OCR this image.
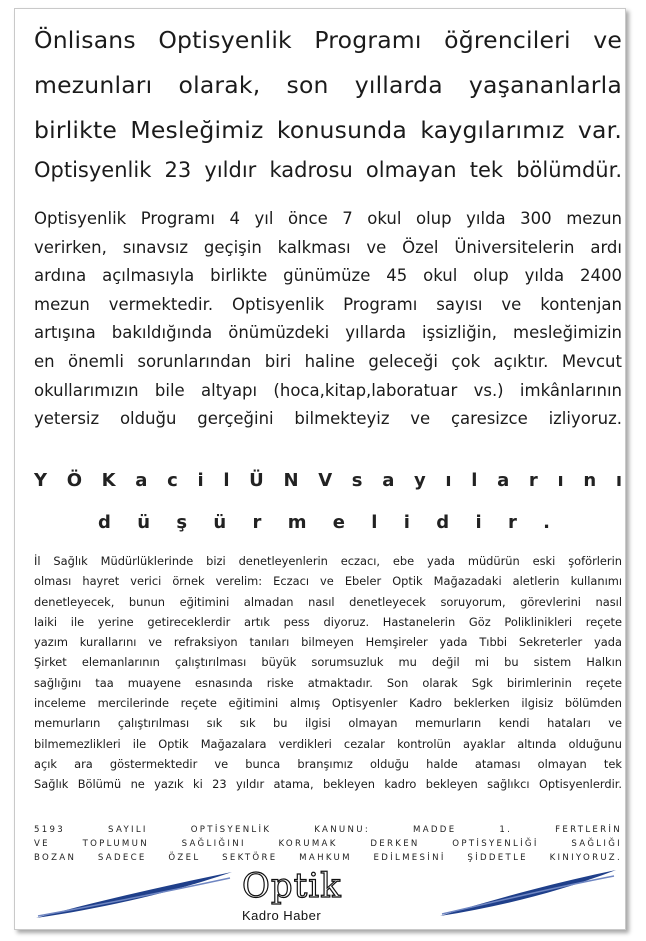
Önlisans Optisyenlik Programı öğrencileri ve
mezunları olarak, son yıllarda yaşananlarla
birlikte Mesleğimiz konusunda kaygılarımız var.

Optisyenlik 23 yıldır kadrosu olmayan tek bölümdür.

Optisyenlik Programı 4 yıl önce 7 okul olup yılda 300 mezun
verirken, sınavsız geçişin kalkması ve Özel Üniversitelerin ardı
ardına açılmasıyla birlikte günümüze 45 okul olup yılda 2400
mezun vermektedir. Optisyenlik Programı sayısı ve kontenjan
artışına bakıldığında önümüzdeki yıllarda işsizliğin, mesleğimizin
en önemli sorunlarından biri haline geleceği çok açıktır. Mevcut
okullarımızın bile altyapı (hoca,kitap,laboratuar vs.) imkânlarının
yetersiz olduğu gerçeğini bilmekteyiz ve çaresizce izliyoruz.

Y Ö K a c i l Ü N V s a y ı l a r ı n ı

d ü ş ü r m e l i d i r .

İl Sağlık Müdürlüklerinde bizi denetleyenlerin eczacı, ebe yada müdürün eski şoförlerin
olması hayret verici örnek verelim: Eczacı ve Ebeler Optik Mağazadaki aletlerin kullanımı
denetleyecek, bunun eğitimini almadan nasıl denetleyecek soruyorum, görevlerini nasıl
laiki ile yerine getireceklerdir artık pess diyoruz. Hastanelerin Göz Poliklinikleri reçete
yazım kurallarını ve refraksiyon tanıları bilmeyen Hemşireler yada Tıbbi Sekreterler yada
Şirket elemanlarının çalıştırılması büyük sorumsuzluk mu değil mi bu sistem Halkın
sağlığını taa muayene esnasında riske atmaktadır. Son olarak Sgk birimlerinin reçete
inceleme mercilerinde reçete eğitimini almış Optisyenler Kadro beklerken ilgisiz bölümden
memurların çalıştırılması sık sık bu ilgisi olmayan memurların kendi hataları ve
bilmemezlikleri ile Optik Mağazalara verdikleri cezalar kontrolün ayaklar altında olduğunu
açık ara göstermektedir ve bunca branşımız olduğu halde ataması olmayan tek
Sağlık Bölümü ne yazık ki 23 yıldır atama, bekleyen kadro bekleyen sağlıkcı Optisyenlerdir.

5193 SAYILI OPTİSYENLİK KANUNU: MADDE 1. FERTLERİN
VE TOPLUMUN SAĞLIĞINI KORUMAK DERKEN OPTİSYENLİĞİ SAĞLIĞI
BOZAN SADECE ÖZEL SEKTÖRE MAHKUM EDİLMESİNİ ŞİDDETLE KINIYORUZ.

Optik
Kadro Haber
